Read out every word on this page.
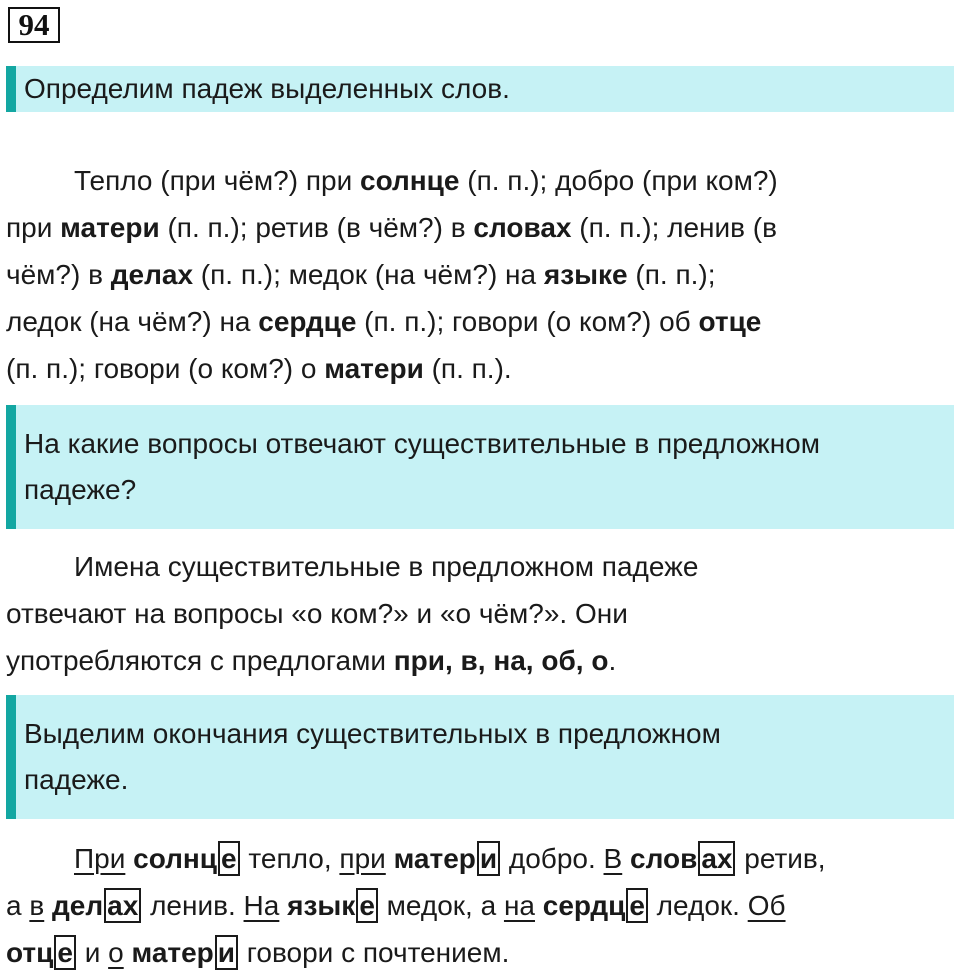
94
Определим падеж выделенных слов.
Тепло (при чём?) при солнце (п. п.); добро (при ком?)
при матери (п. п.); ретив (в чём?) в словах (п. п.); ленив (в
чём?) в делах (п. п.); медок (на чём?) на языке (п. п.);
ледок (на чём?) на сердце (п. п.); говори (о ком?) об отце
(п. п.); говори (о ком?) о матери (п. п.).
На какие вопросы отвечают существительные в предложном
падеже?
Имена существительные в предложном падеже
отвечают на вопросы «о ком?» и «о чём?». Они
употребляются с предлогами при, в, на, об, о.
Выделим окончания существительных в предложном
падеже.
При солнц е тепло, при матер и добро. В слов ах ретив,
а в дел ах ленив. На язык е медок, а на сердц е ледок. Об
отц е и о матер и говори с почтением.
